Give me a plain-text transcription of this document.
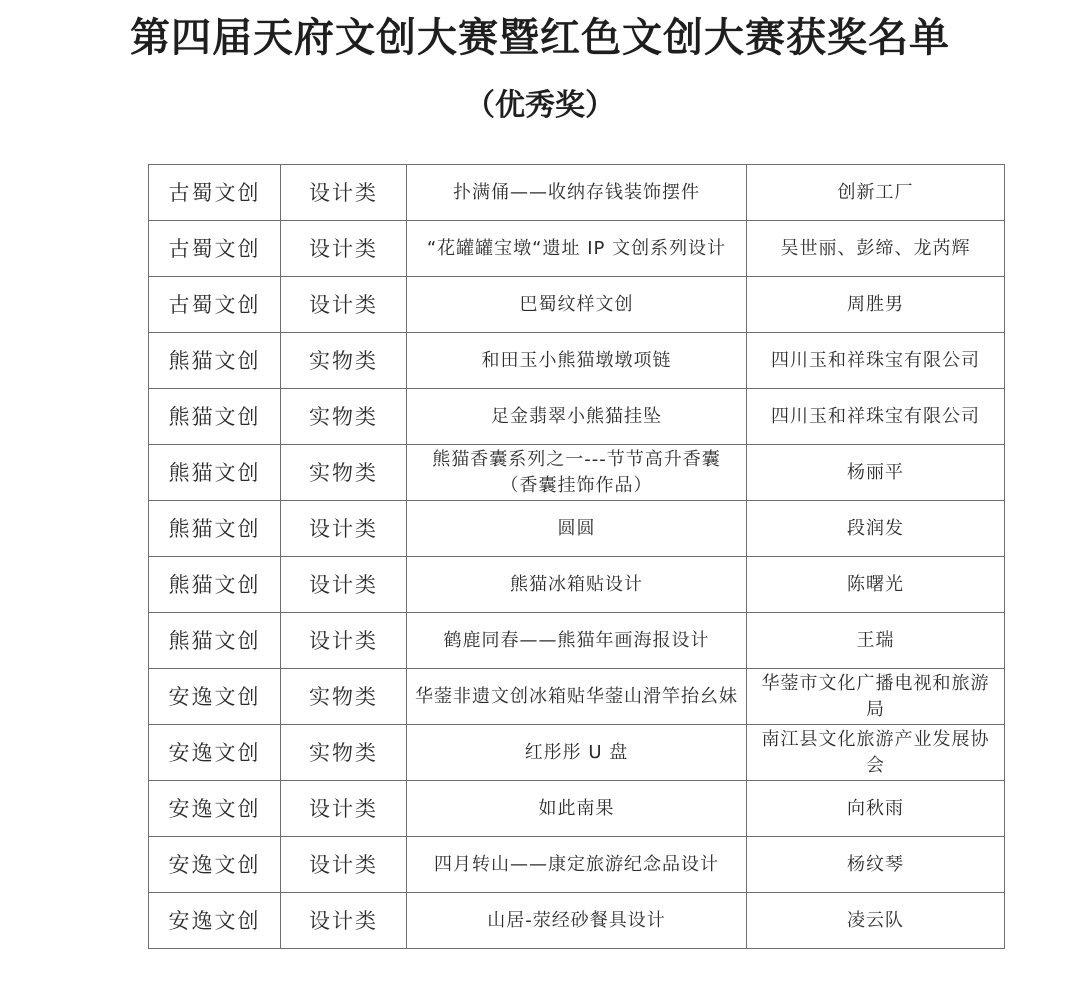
第四届天府文创大赛暨红色文创大赛获奖名单
（优秀奖）
古蜀文创	设计类	扑满俑——收纳存钱装饰摆件	创新工厂
古蜀文创	设计类	“花罐罐宝墩“遗址 IP 文创系列设计	吴世丽、彭缔、龙芮辉
古蜀文创	设计类	巴蜀纹样文创	周胜男
熊猫文创	实物类	和田玉小熊猫墩墩项链	四川玉和祥珠宝有限公司
熊猫文创	实物类	足金翡翠小熊猫挂坠	四川玉和祥珠宝有限公司
熊猫文创	实物类	熊猫香囊系列之一---节节高升香囊（香囊挂饰作品）	杨丽平
熊猫文创	设计类	圆圆	段润发
熊猫文创	设计类	熊猫冰箱贴设计	陈曙光
熊猫文创	设计类	鹤鹿同春——熊猫年画海报设计	王瑞
安逸文创	实物类	华蓥非遗文创冰箱贴华蓥山滑竿抬幺妹	华蓥市文化广播电视和旅游局
安逸文创	实物类	红彤彤 U 盘	南江县文化旅游产业发展协会
安逸文创	设计类	如此南果	向秋雨
安逸文创	设计类	四月转山——康定旅游纪念品设计	杨纹琴
安逸文创	设计类	山居-荥经砂餐具设计	凌云队
